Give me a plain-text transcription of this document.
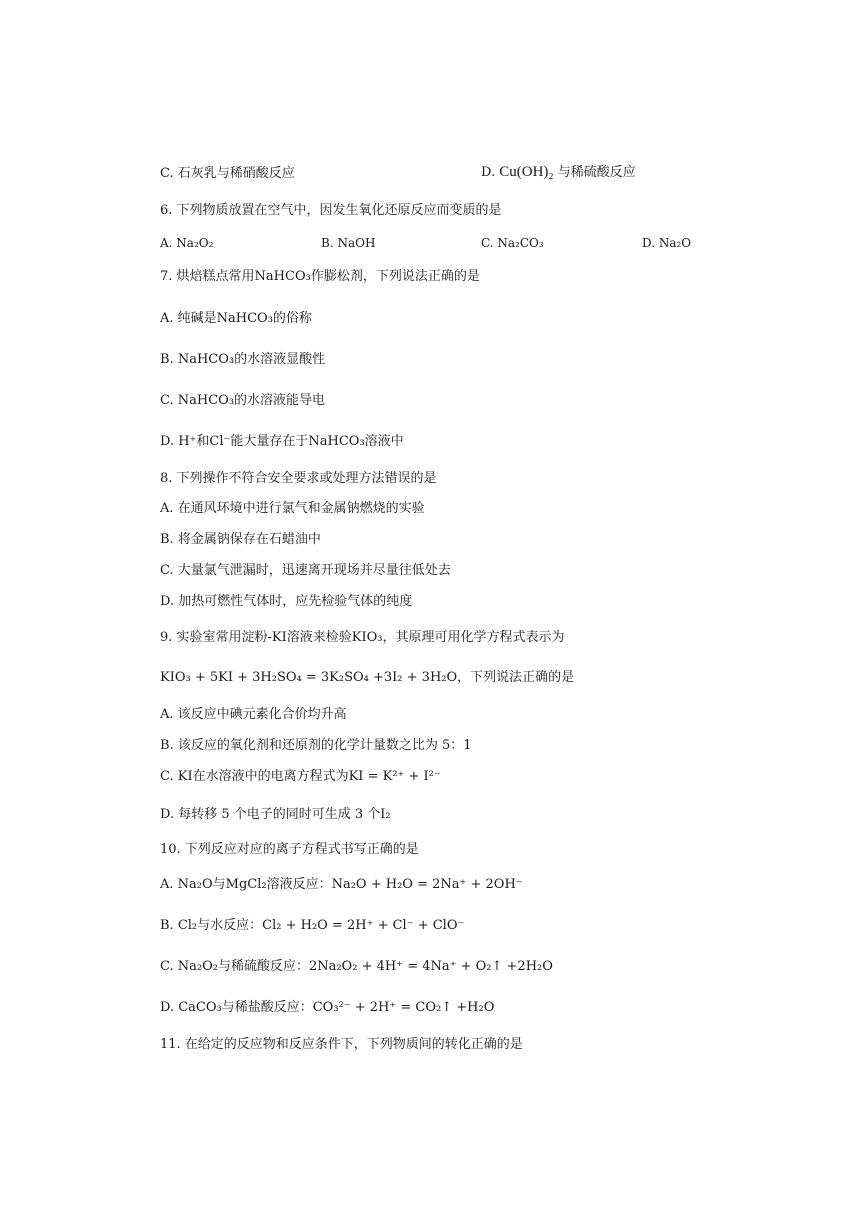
C. 石灰乳与稀硝酸反应	D. Cu(OH)₂ 与稀硫酸反应
6. 下列物质放置在空气中，因发生氧化还原反应而变质的是
A. Na₂O₂	B. NaOH	C. Na₂CO₃	D. Na₂O
7. 烘焙糕点常用NaHCO₃作膨松剂，下列说法正确的是
A. 纯碱是NaHCO₃的俗称
B. NaHCO₃的水溶液显酸性
C. NaHCO₃的水溶液能导电
D. H⁺和Cl⁻能大量存在于NaHCO₃溶液中
8. 下列操作不符合安全要求或处理方法错误的是
A. 在通风环境中进行氯气和金属钠燃烧的实验
B. 将金属钠保存在石蜡油中
C. 大量氯气泄漏时，迅速离开现场并尽量往低处去
D. 加热可燃性气体时，应先检验气体的纯度
9. 实验室常用淀粉-KI溶液来检验KIO₃，其原理可用化学方程式表示为
KIO₃ + 5KI + 3H₂SO₄ = 3K₂SO₄ +3I₂ + 3H₂O，下列说法正确的是
A. 该反应中碘元素化合价均升高
B. 该反应的氧化剂和还原剂的化学计量数之比为 5：1
C. KI在水溶液中的电离方程式为KI = K²⁺ + I²⁻
D. 每转移 5 个电子的同时可生成 3 个I₂
10. 下列反应对应的离子方程式书写正确的是
A. Na₂O与MgCl₂溶液反应：Na₂O + H₂O = 2Na⁺ + 2OH⁻
B. Cl₂与水反应：Cl₂ + H₂O = 2H⁺ + Cl⁻ + ClO⁻
C. Na₂O₂与稀硫酸反应：2Na₂O₂ + 4H⁺ = 4Na⁺ + O₂↑ +2H₂O
D. CaCO₃与稀盐酸反应：CO₃²⁻ + 2H⁺ = CO₂↑ +H₂O
11. 在给定的反应物和反应条件下，下列物质间的转化正确的是
